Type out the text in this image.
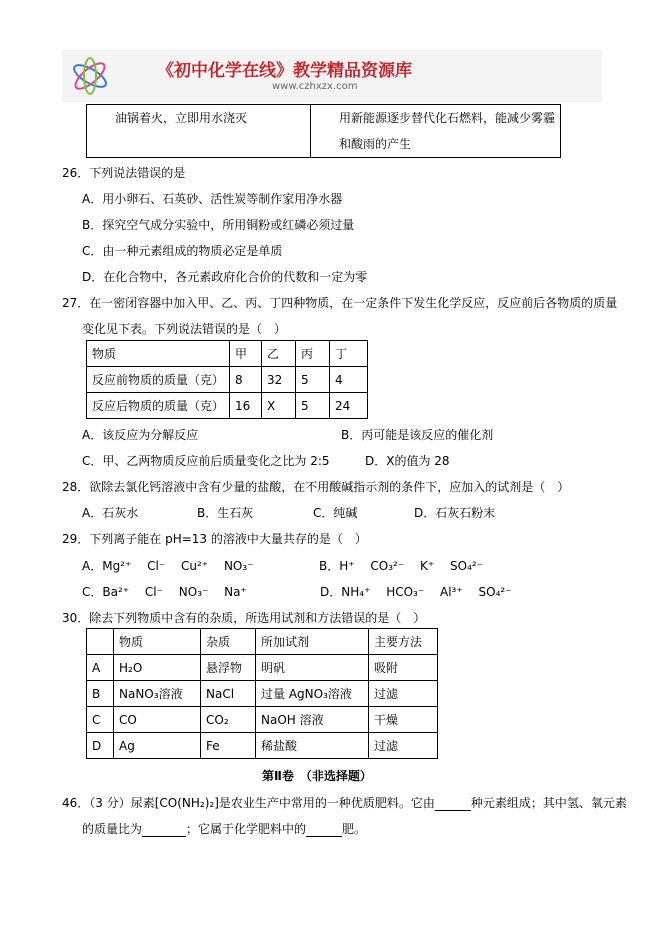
《初中化学在线》教学精品资源库
www.czhxzx.com
油锅着火，立即用水浇灭	用新能源逐步替代化石燃料，能减少雾霾
和酸雨的产生
26．下列说法错误的是
A．用小卵石、石英砂、活性炭等制作家用净水器
B．探究空气成分实验中，所用铜粉或红磷必须过量
C．由一种元素组成的物质必定是单质
D．在化合物中，各元素政府化合价的代数和一定为零
27．在一密闭容器中加入甲、乙、丙、丁四种物质，在一定条件下发生化学反应，反应前后各物质的质量
变化见下表。下列说法错误的是（　）
物质	甲	乙	丙	丁
反应前物质的质量（克）	8	32	5	4
反应后物质的质量（克）	16	X	5	24
A．该反应为分解反应	B．丙可能是该反应的催化剂
C．甲、乙两物质反应前后质量变化之比为 2:5	D．X的值为 28
28．欲除去氯化钙溶液中含有少量的盐酸，在不用酸碱指示剂的条件下，应加入的试剂是（　）
A．石灰水	B．生石灰	C．纯碱	D．石灰石粉末
29．下列离子能在 pH=13 的溶液中大量共存的是（　）
A．Mg²⁺　 Cl⁻　 Cu²⁺　 NO₃⁻	B．H⁺　 CO₃²⁻　 K⁺　 SO₄²⁻
C．Ba²⁺　 Cl⁻　 NO₃⁻　 Na⁺	D．NH₄⁺　 HCO₃⁻　 Al³⁺　 SO₄²⁻
30．除去下列物质中含有的杂质，所选用试剂和方法错误的是（　）
	物质	杂质	所加试剂	主要方法
A	H₂O	悬浮物	明矾	吸附
B	NaNO₃溶液	NaCl	过量 AgNO₃溶液	过滤
C	CO	CO₂	NaOH 溶液	干燥
D	Ag	Fe	稀盐酸	过滤
第Ⅱ卷　（非选择题）
46．（3 分）尿素[CO(NH₂)₂]是农业生产中常用的一种优质肥料。它由	种元素组成；其中氢、氧元素
的质量比为	；它属于化学肥料中的	肥。
